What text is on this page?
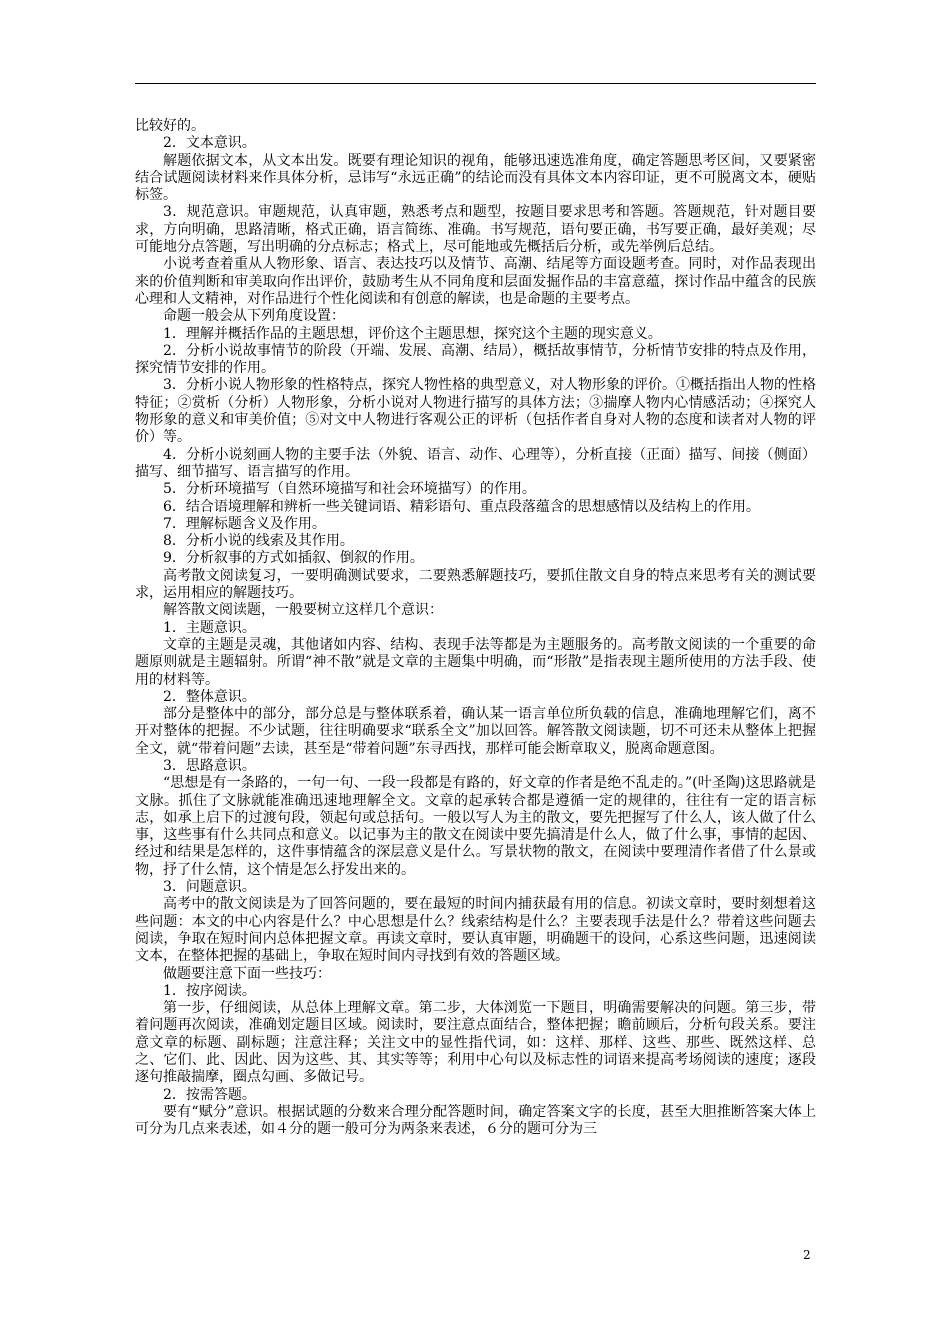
比较好的。

2．文本意识。

解题依据文本，从文本出发。既要有理论知识的视角，能够迅速选准角度，确定答题思考区间，又要紧密结合试题阅读材料来作具体分析，忌讳写“永远正确”的结论而没有具体文本内容印证，更不可脱离文本，硬贴标签。

3．规范意识。审题规范，认真审题，熟悉考点和题型，按题目要求思考和答题。答题规范，针对题目要求，方向明确，思路清晰，格式正确，语言简练、准确。书写规范，语句要正确，书写要正确，最好美观；尽可能地分点答题，写出明确的分点标志；格式上，尽可能地或先概括后分析，或先举例后总结。

小说考查着重从人物形象、语言、表达技巧以及情节、高潮、结尾等方面设题考查。同时，对作品表现出来的价值判断和审美取向作出评价，鼓励考生从不同角度和层面发掘作品的丰富意蕴，探讨作品中蕴含的民族心理和人文精神，对作品进行个性化阅读和有创意的解读，也是命题的主要考点。

命题一般会从下列角度设置：

1．理解并概括作品的主题思想，评价这个主题思想，探究这个主题的现实意义。

2．分析小说故事情节的阶段（开端、发展、高潮、结局），概括故事情节，分析情节安排的特点及作用，探究情节安排的作用。

3．分析小说人物形象的性格特点，探究人物性格的典型意义，对人物形象的评价。①概括指出人物的性格特征；②赏析（分析）人物形象，分析小说对人物进行描写的具体方法；③揣摩人物内心情感活动；④探究人物形象的意义和审美价值；⑤对文中人物进行客观公正的评析（包括作者自身对人物的态度和读者对人物的评价）等。

4．分析小说刻画人物的主要手法（外貌、语言、动作、心理等），分析直接（正面）描写、间接（侧面）描写、细节描写、语言描写的作用。

5．分析环境描写（自然环境描写和社会环境描写）的作用。

6．结合语境理解和辨析一些关键词语、精彩语句、重点段落蕴含的思想感情以及结构上的作用。

7．理解标题含义及作用。

8．分析小说的线索及其作用。

9．分析叙事的方式如插叙、倒叙的作用。

高考散文阅读复习，一要明确测试要求，二要熟悉解题技巧，要抓住散文自身的特点来思考有关的测试要求，运用相应的解题技巧。

解答散文阅读题，一般要树立这样几个意识：

1．主题意识。

文章的主题是灵魂，其他诸如内容、结构、表现手法等都是为主题服务的。高考散文阅读的一个重要的命题原则就是主题辐射。所谓“神不散”就是文章的主题集中明确，而“形散”是指表现主题所使用的方法手段、使用的材料等。

2．整体意识。

部分是整体中的部分，部分总是与整体联系着，确认某一语言单位所负载的信息，准确地理解它们，离不开对整体的把握。不少试题，往往明确要求“联系全文”加以回答。解答散文阅读题，切不可还未从整体上把握全文，就“带着问题”去读，甚至是“带着问题”东寻西找，那样可能会断章取义，脱离命题意图。

3．思路意识。

“思想是有一条路的，一句一句、一段一段都是有路的，好文章的作者是绝不乱走的。”(叶圣陶)这思路就是文脉。抓住了文脉就能准确迅速地理解全文。文章的起承转合都是遵循一定的规律的，往往有一定的语言标志，如承上启下的过渡句段，领起句或总括句。一般以写人为主的散文，要先把握写了什么人，该人做了什么事，这些事有什么共同点和意义。以记事为主的散文在阅读中要先搞清是什么人，做了什么事，事情的起因、经过和结果是怎样的，这件事情蕴含的深层意义是什么。写景状物的散文，在阅读中要理清作者借了什么景或物，抒了什么情，这个情是怎么抒发出来的。

3．问题意识。

高考中的散文阅读是为了回答问题的，要在最短的时间内捕获最有用的信息。初读文章时，要时刻想着这些问题：本文的中心内容是什么？中心思想是什么？线索结构是什么？主要表现手法是什么？带着这些问题去阅读，争取在短时间内总体把握文章。再读文章时，要认真审题，明确题干的设问，心系这些问题，迅速阅读文本，在整体把握的基础上，争取在短时间内寻找到有效的答题区域。

做题要注意下面一些技巧：

1．按序阅读。

第一步，仔细阅读，从总体上理解文章。第二步，大体浏览一下题目，明确需要解决的问题。第三步，带着问题再次阅读，准确划定题目区域。阅读时，要注意点面结合，整体把握；瞻前顾后，分析句段关系。要注意文章的标题、副标题；注意注释；关注文中的显性指代词，如：这样、那样、这些、那些、既然这样、总之、它们、此、因此、因为这些、其、其实等等；利用中心句以及标志性的词语来提高考场阅读的速度；逐段逐句推敲揣摩，圈点勾画、多做记号。

2．按需答题。

要有“赋分”意识。根据试题的分数来合理分配答题时间，确定答案文字的长度，甚至大胆推断答案大体上可分为几点来表述，如４分的题一般可分为两条来表述，６分的题可分为三

2
